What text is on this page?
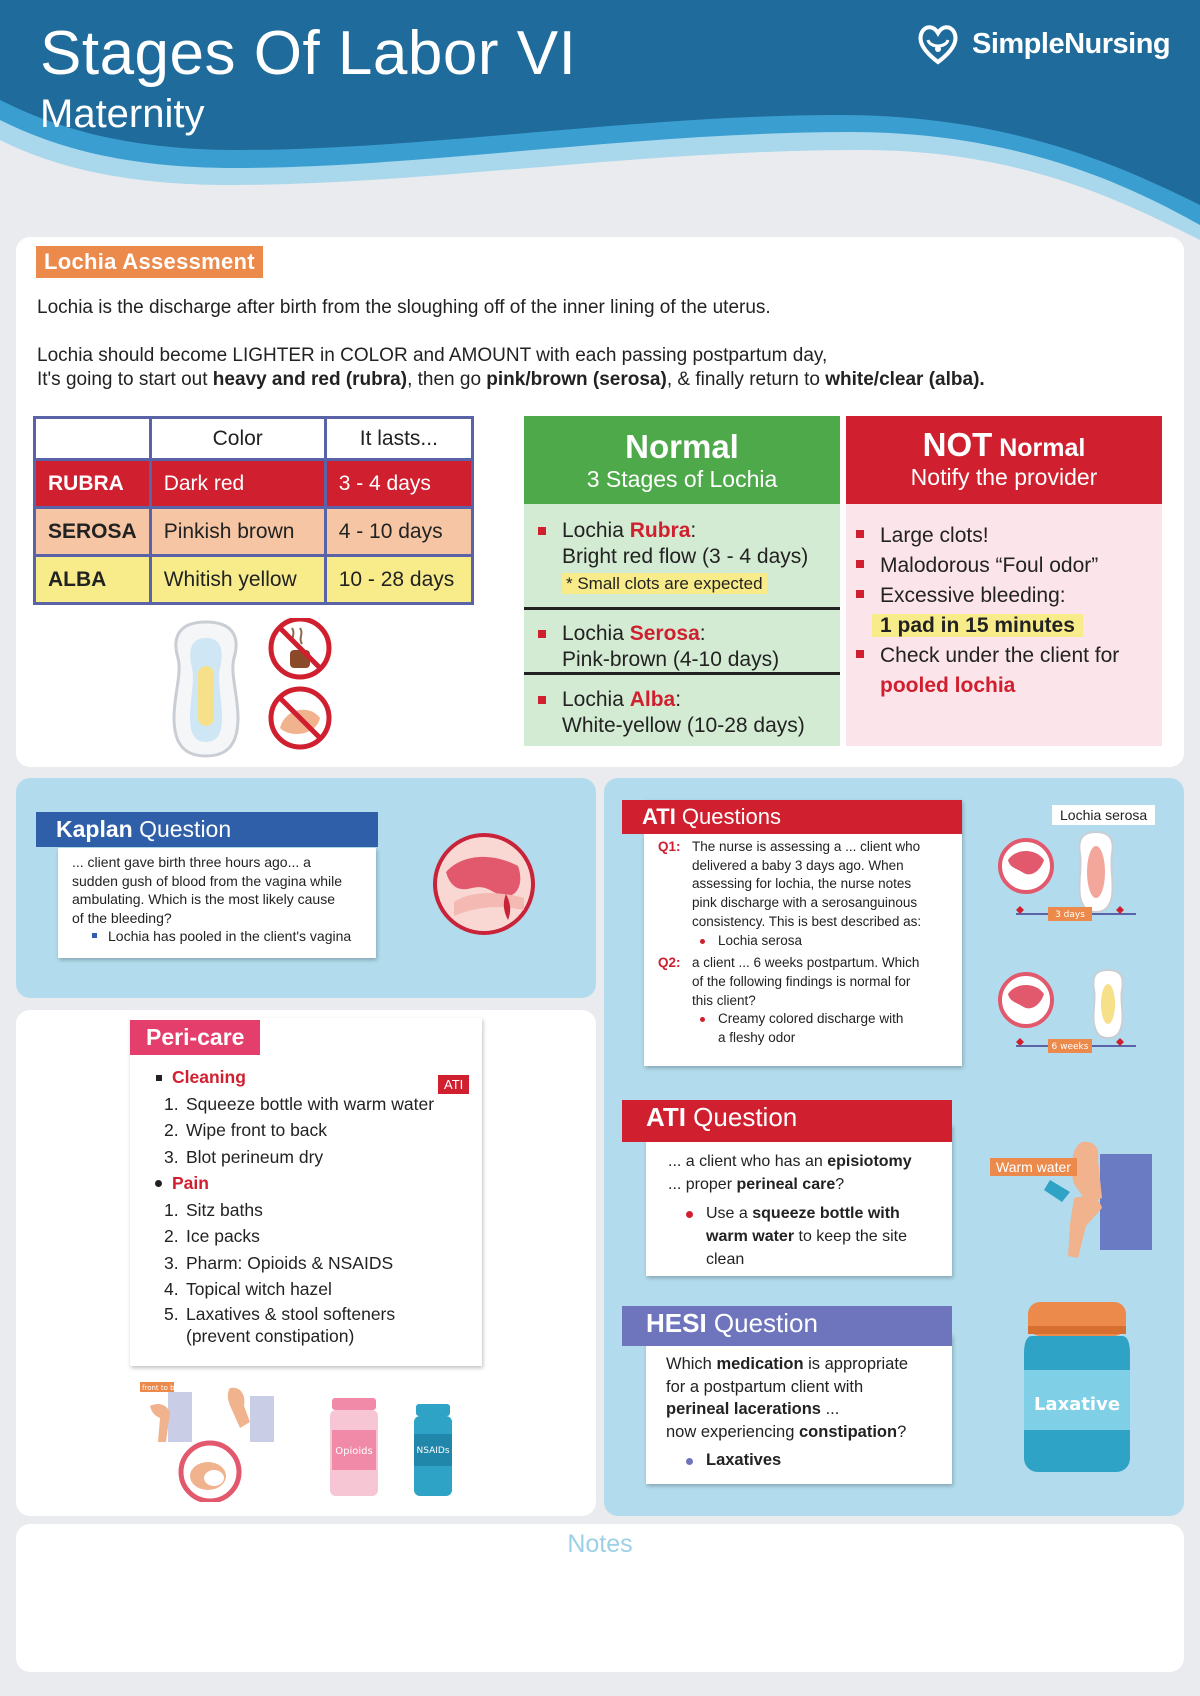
Stages Of Labor VI
Maternity
SimpleNursing
Lochia Assessment
Lochia is the discharge after birth from the sloughing off of the inner lining of the uterus.
Lochia should become LIGHTER in COLOR and AMOUNT with each passing postpartum day,
It's going to start out heavy and red (rubra), then go pink/brown (serosa), & finally return to white/clear (alba).
	Color	It lasts...
RUBRA	Dark red	3 - 4 days
SEROSA	Pinkish brown	4 - 10 days
ALBA	Whitish yellow	10 - 28 days
Normal
3 Stages of Lochia
Lochia Rubra:
Bright red flow (3 - 4 days)
* Small clots are expected
Lochia Serosa:
Pink-brown (4-10 days)
Lochia Alba:
White-yellow (10-28 days)
NOT Normal
Notify the provider
Large clots!
Malodorous “Foul odor”
Excessive bleeding:
1 pad in 15 minutes
Check under the client for
pooled lochia
Kaplan Question
... client gave birth three hours ago... a
sudden gush of blood from the vagina while
ambulating. Which is the most likely cause
of the bleeding?
Lochia has pooled in the client's vagina
Peri-care
ATI
Cleaning
1. Squeeze bottle with warm water
2. Wipe front to back
3. Blot perineum dry
Pain
1. Sitz baths
2. Ice packs
3. Pharm: Opioids & NSAIDS
4. Topical witch hazel
5. Laxatives & stool softeners
(prevent constipation)
front to back
Opioids	NSAIDs
ATI Questions
Q1: The nurse is assessing a ... client who
delivered a baby 3 days ago. When
assessing for lochia, the nurse notes
pink discharge with a serosanguinous
consistency. This is best described as:
Lochia serosa
Q2: a client ... 6 weeks postpartum. Which
of the following findings is normal for
this client?
Creamy colored discharge with
a fleshy odor
Lochia serosa
3 days
6 weeks
ATI Question
... a client who has an episiotomy
... proper perineal care?
Use a squeeze bottle with
warm water to keep the site
clean
Warm water
HESI Question
Which medication is appropriate
for a postpartum client with
perineal lacerations ...
now experiencing constipation?
Laxatives
Laxative
Notes
